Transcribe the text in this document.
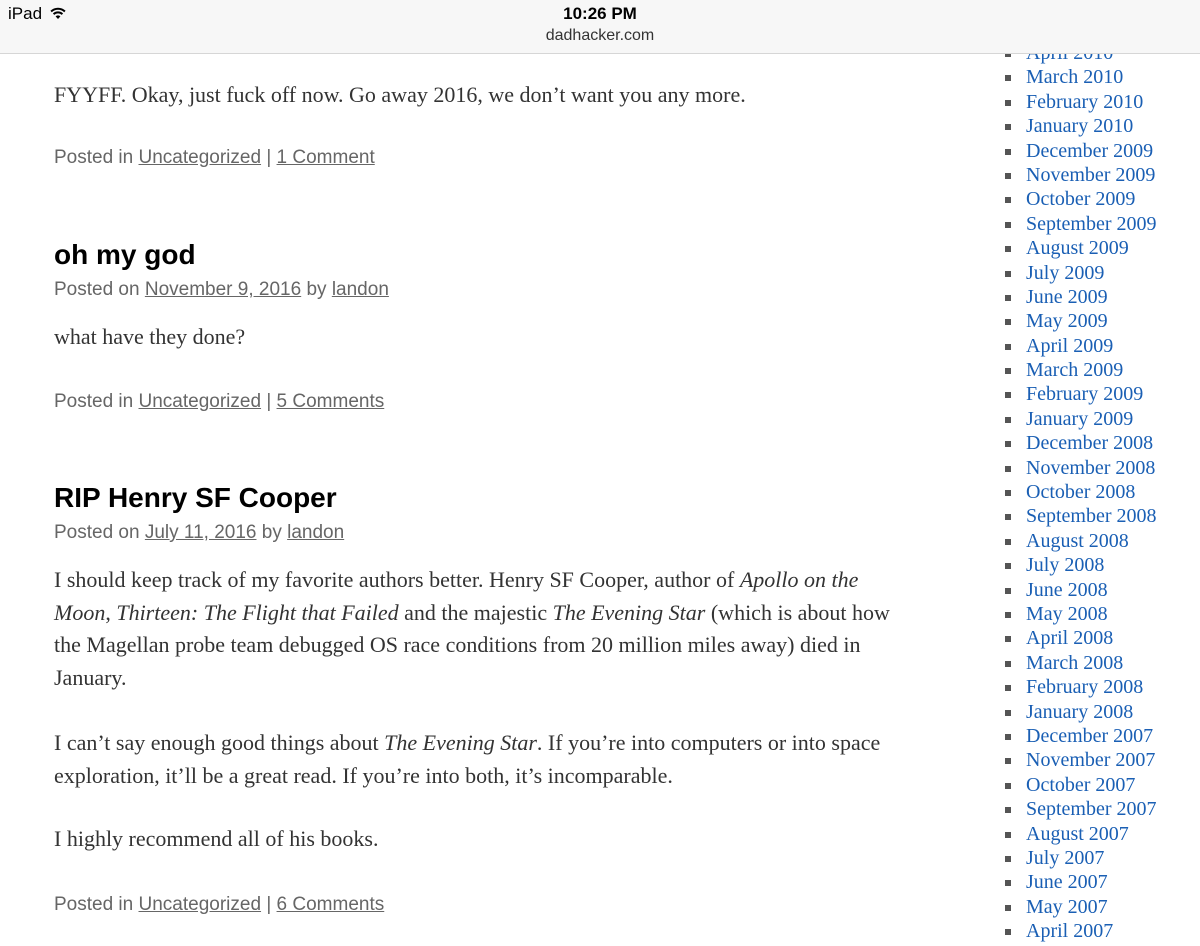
iPad	10:26 PM
dadhacker.com

FYYFF. Okay, just fuck off now. Go away 2016, we don’t want you any more.

Posted in Uncategorized | 1 Comment
oh my god
Posted on November 9, 2016 by landon

what have they done?

Posted in Uncategorized | 5 Comments
RIP Henry SF Cooper
Posted on July 11, 2016 by landon

I should keep track of my favorite authors better. Henry SF Cooper, author of Apollo on the Moon, Thirteen: The Flight that Failed and the majestic The Evening Star (which is about how the Magellan probe team debugged OS race conditions from 20 million miles away) died in January.

I can’t say enough good things about The Evening Star. If you’re into computers or into space exploration, it’ll be a great read. If you’re into both, it’s incomparable.

I highly recommend all of his books.

Posted in Uncategorized | 6 Comments
March 2010
February 2010
January 2010
December 2009
November 2009
October 2009
September 2009
August 2009
July 2009
June 2009
May 2009
April 2009
March 2009
February 2009
January 2009
December 2008
November 2008
October 2008
September 2008
August 2008
July 2008
June 2008
May 2008
April 2008
March 2008
February 2008
January 2008
December 2007
November 2007
October 2007
September 2007
August 2007
July 2007
June 2007
May 2007
April 2007
